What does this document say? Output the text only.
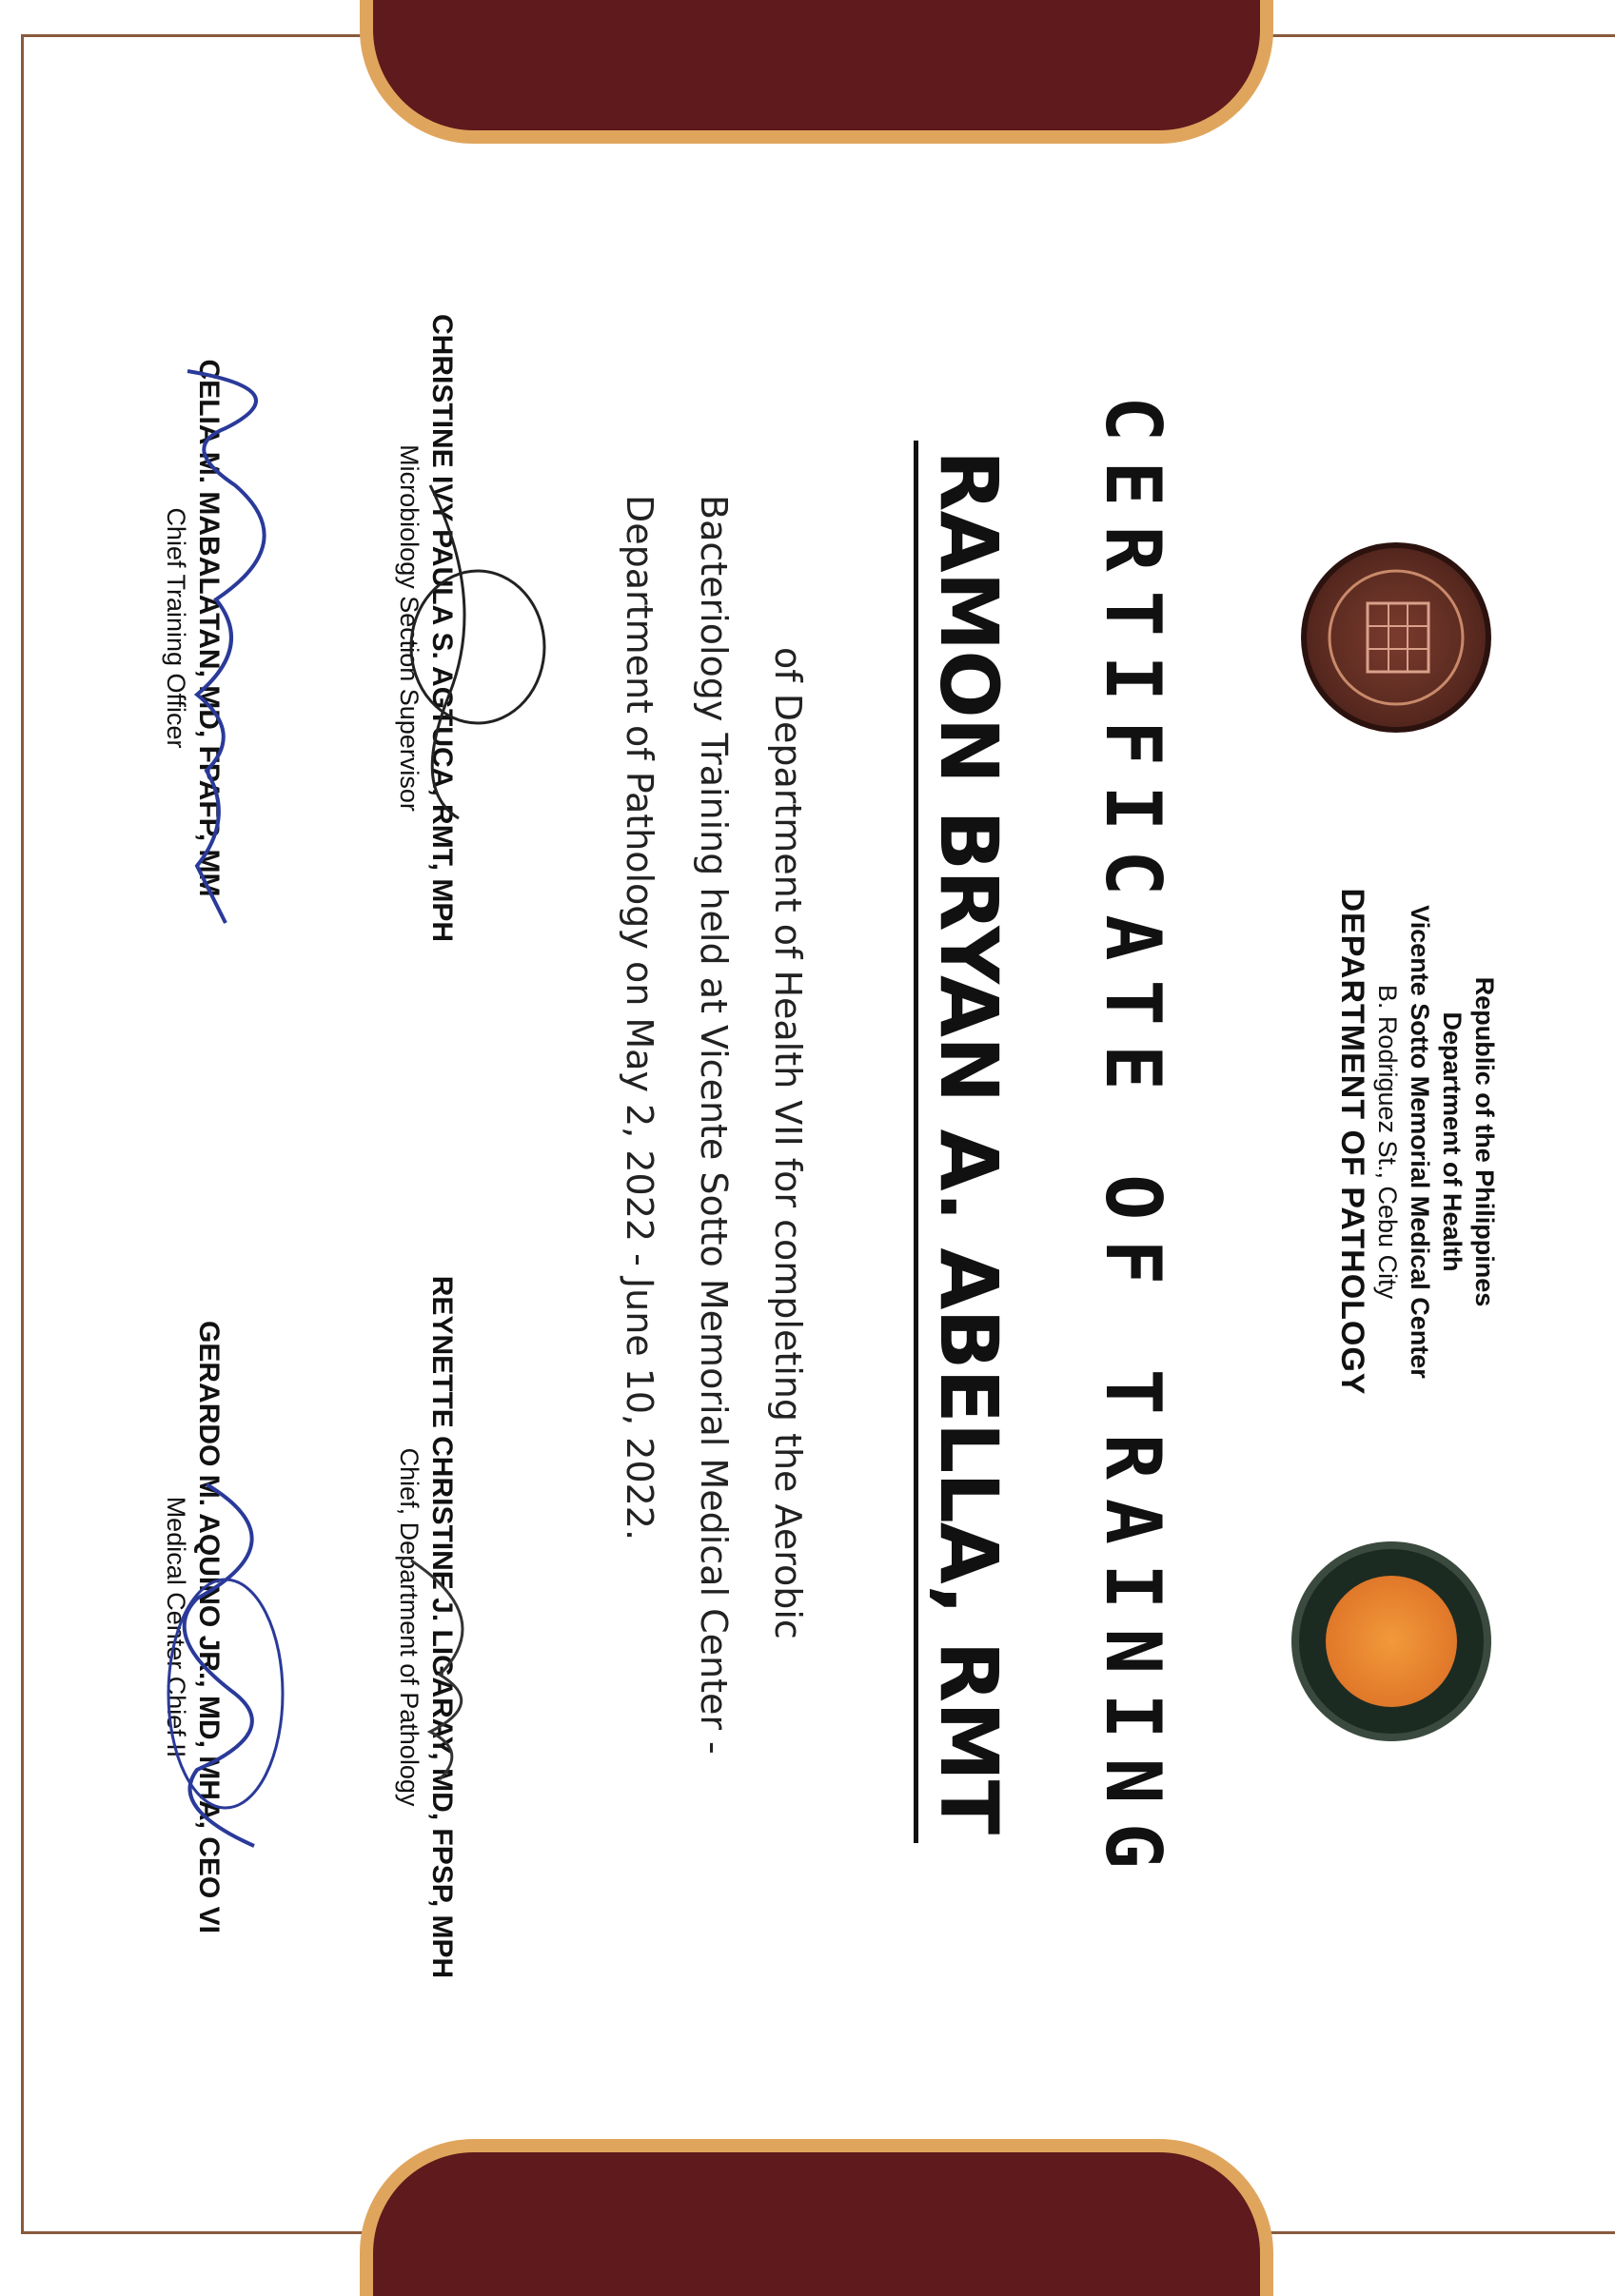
Republic of the Philippines
Department of Health
Vicente Sotto Memorial Medical Center
B. Rodriguez St., Cebu City
DEPARTMENT OF PATHOLOGY
CERTIFICATE OF TRAINING
RAMON BRYAN A. ABELLA, RMT
of Department of Health VII for completing the Aerobic Bacteriology Training held at Vicente Sotto Memorial Medical Center - Department of Pathology on May 2, 2022 - June 10, 2022.
CHRISTINE IVY PAULA S. AGTUCA, RMT, MPH
Microbiology Section Supervisor
REYNETTE CHRISTINE J. LIGARAY, MD, FPSP, MPH
Chief, Department of Pathology
CELIA M. MABALATAN, MD, FPAFP, MM
Chief Training Officer
GERARDO M. AQUINO JR., MD, MHA, CEO VI
Medical Center Chief II
